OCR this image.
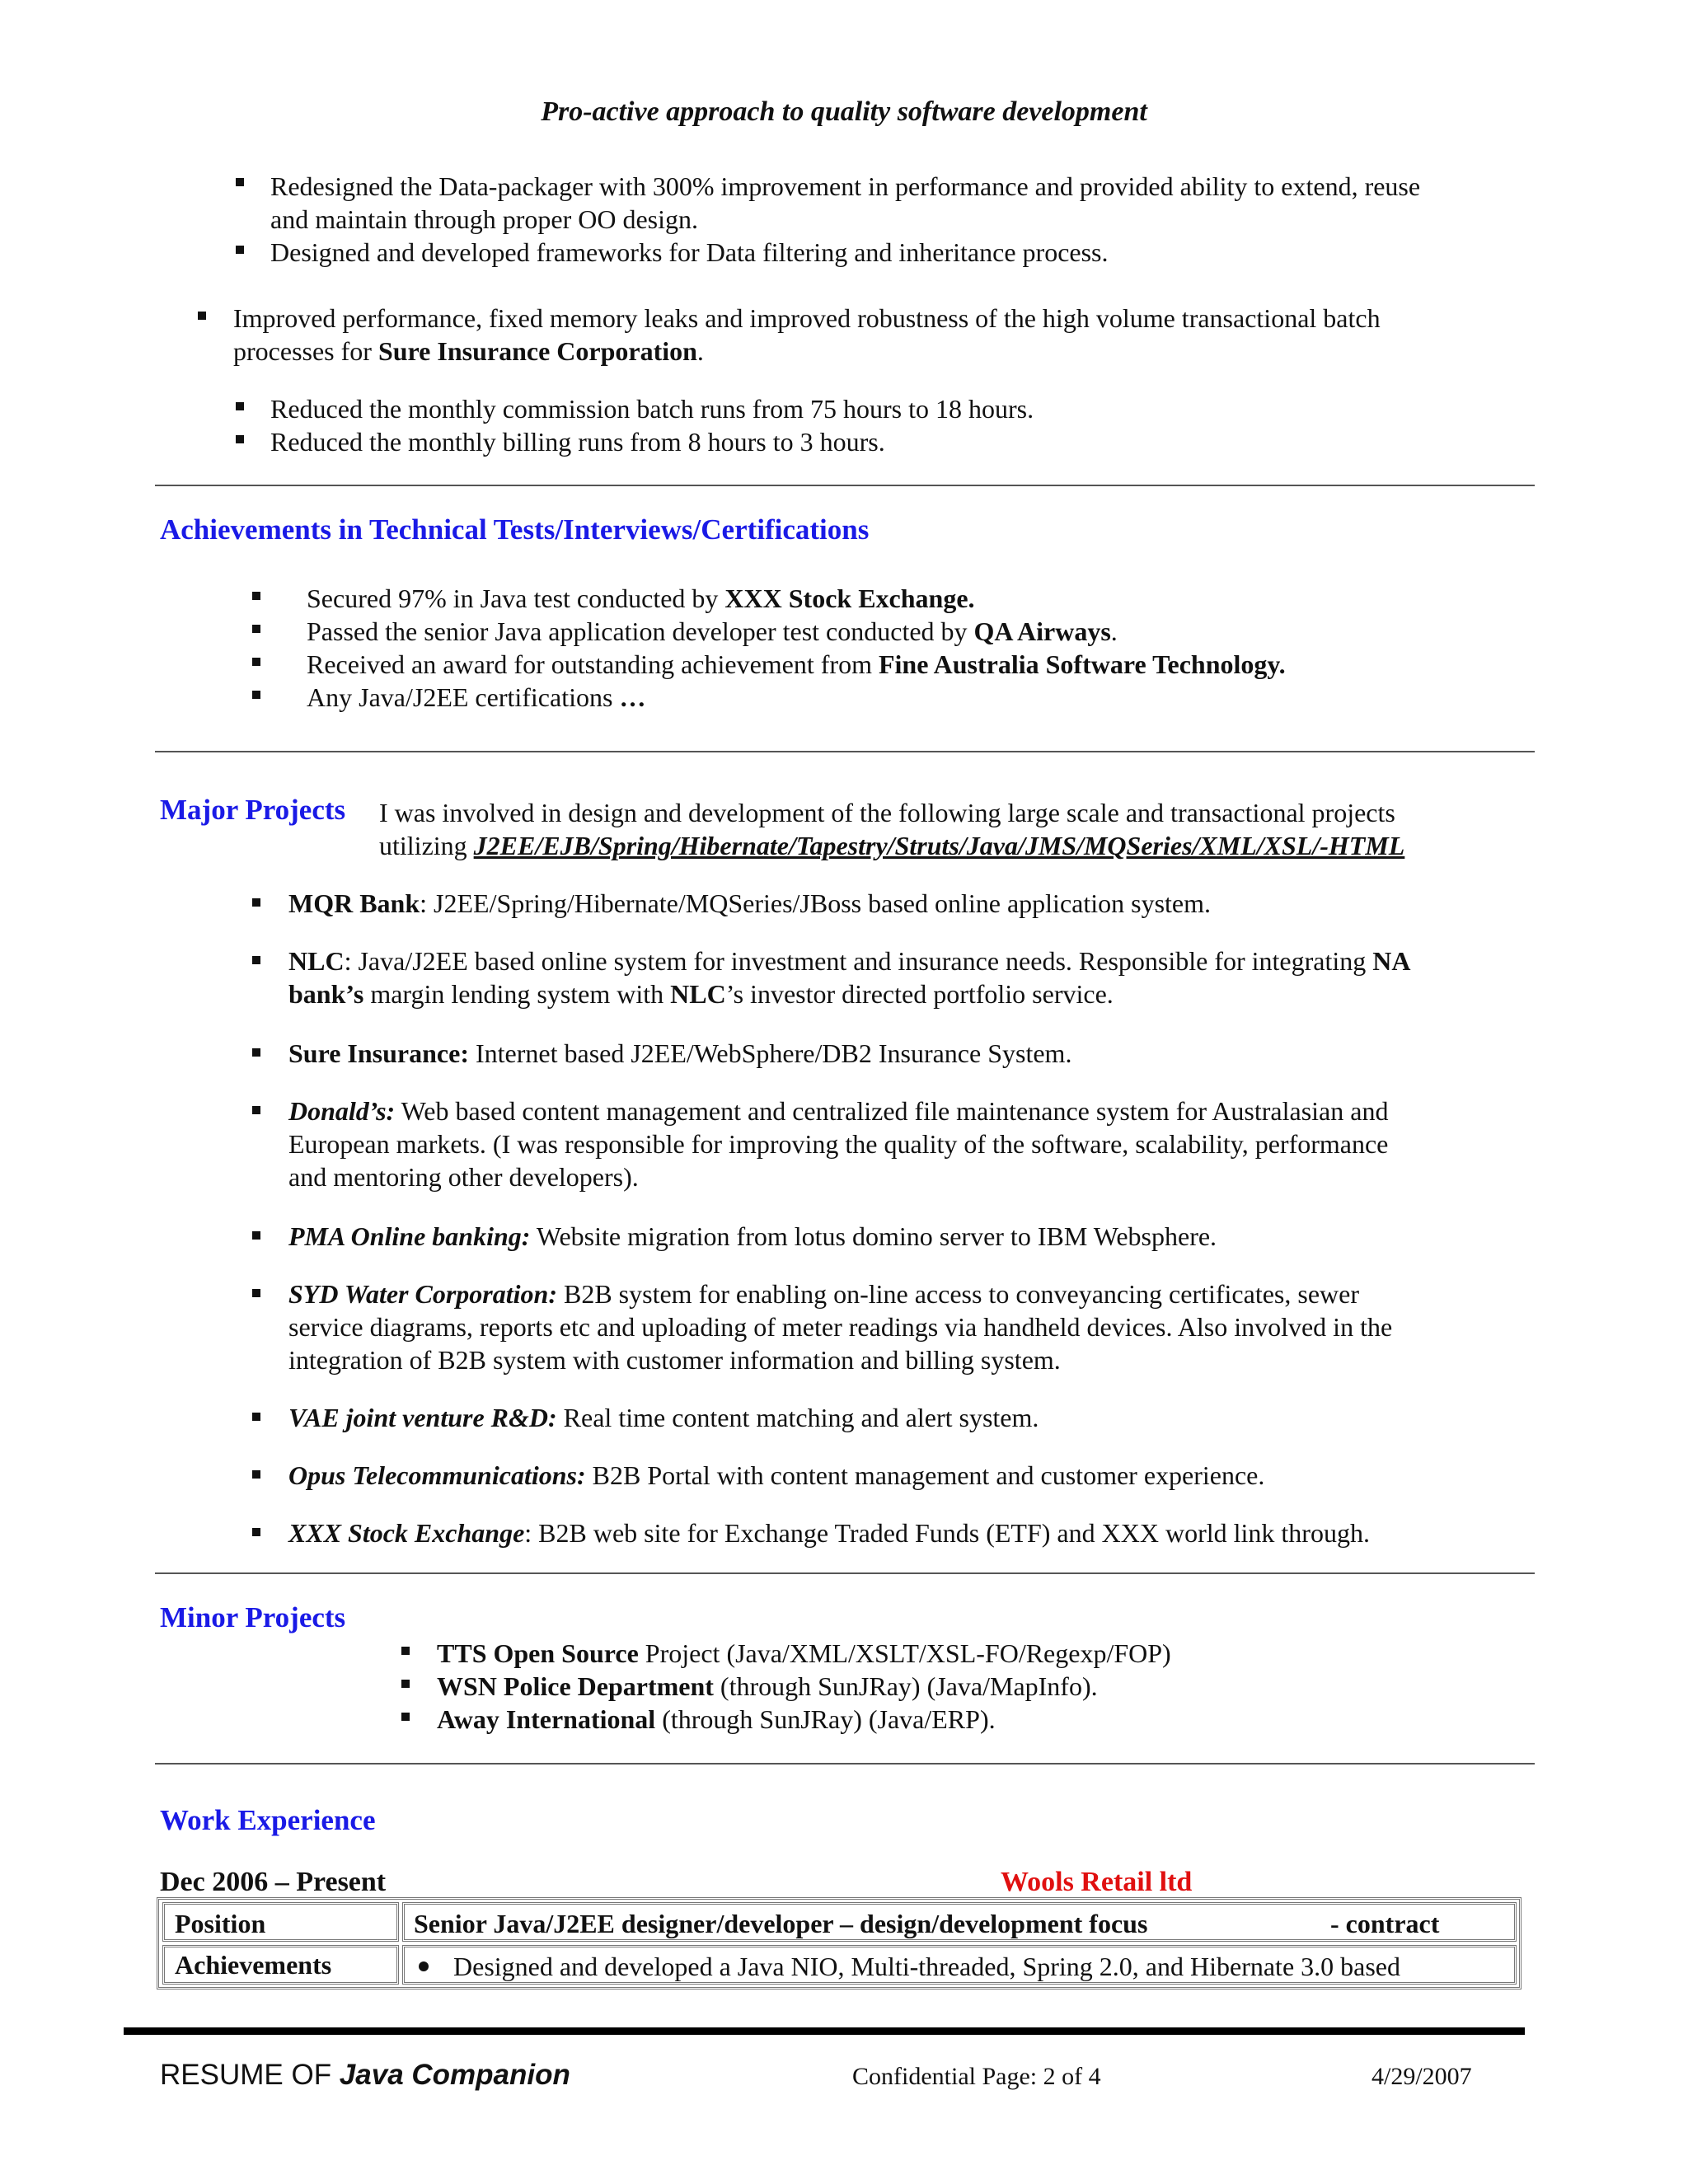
Pro-active approach to quality software development
Redesigned the Data-packager with 300% improvement in performance and provided ability to extend, reuse
and maintain through proper OO design.
Designed and developed frameworks for Data filtering and inheritance process.
Improved performance, fixed memory leaks and improved robustness of the high volume transactional batch
processes for Sure Insurance Corporation.
Reduced the monthly commission batch runs from 75 hours to 18 hours.
Reduced the monthly billing runs from 8 hours to 3 hours.
Achievements in Technical Tests/Interviews/Certifications
Secured 97% in Java test conducted by XXX Stock Exchange.
Passed the senior Java application developer test conducted by QA Airways.
Received an award for outstanding achievement from Fine Australia Software Technology.
Any Java/J2EE certifications …
Major Projects I was involved in design and development of the following large scale and transactional projects
utilizing J2EE/EJB/Spring/Hibernate/Tapestry/Struts/Java/JMS/MQSeries/XML/XSL/-HTML
MQR Bank: J2EE/Spring/Hibernate/MQSeries/JBoss based online application system.
NLC: Java/J2EE based online system for investment and insurance needs. Responsible for integrating NA
bank’s margin lending system with NLC’s investor directed portfolio service.
Sure Insurance: Internet based J2EE/WebSphere/DB2 Insurance System.
Donald’s: Web based content management and centralized file maintenance system for Australasian and
European markets. (I was responsible for improving the quality of the software, scalability, performance
and mentoring other developers).
PMA Online banking: Website migration from lotus domino server to IBM Websphere.
SYD Water Corporation: B2B system for enabling on-line access to conveyancing certificates, sewer
service diagrams, reports etc and uploading of meter readings via handheld devices. Also involved in the
integration of B2B system with customer information and billing system.
VAE joint venture R&D: Real time content matching and alert system.
Opus Telecommunications: B2B Portal with content management and customer experience.
XXX Stock Exchange: B2B web site for Exchange Traded Funds (ETF) and XXX world link through.
Minor Projects
TTS Open Source Project (Java/XML/XSLT/XSL-FO/Regexp/FOP)
WSN Police Department (through SunJRay) (Java/MapInfo).
Away International (through SunJRay) (Java/ERP).
Work Experience
Dec 2006 – Present	Wools Retail ltd
Position	Senior Java/J2EE designer/developer – design/development focus	- contract
Achievements	Designed and developed a Java NIO, Multi-threaded, Spring 2.0, and Hibernate 3.0 based
RESUME OF Java Companion	Confidential Page: 2 of 4	4/29/2007
